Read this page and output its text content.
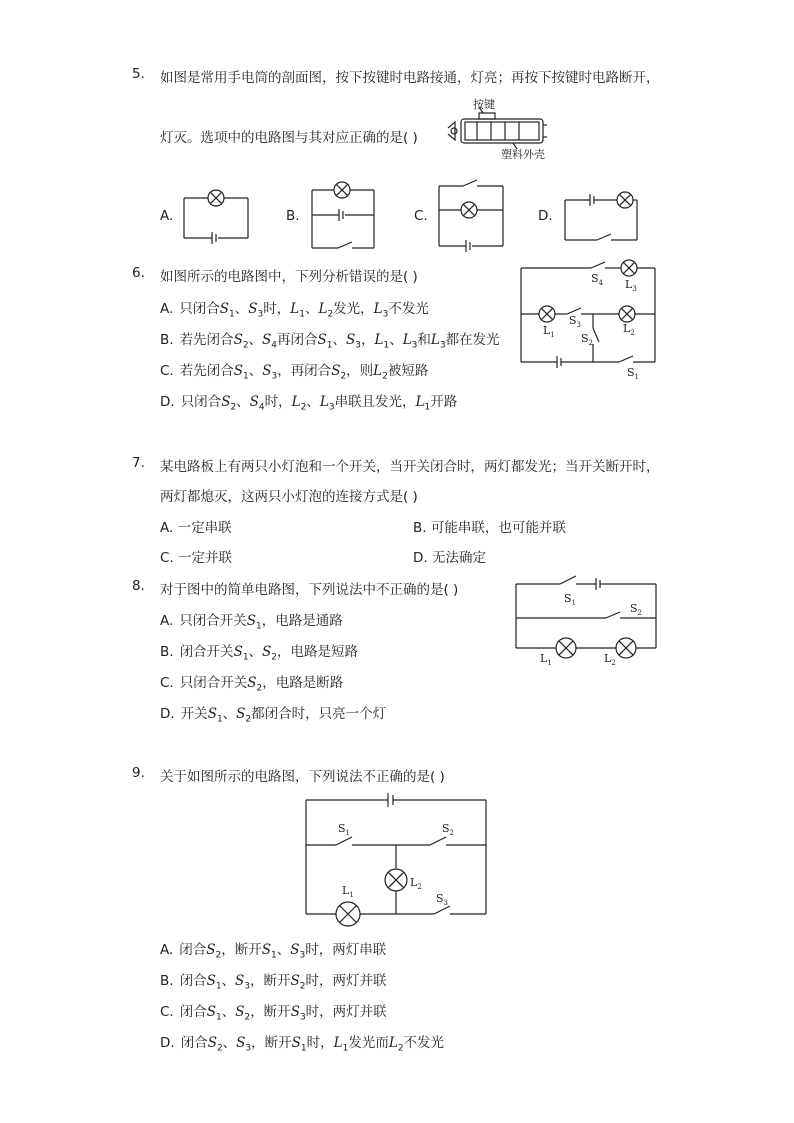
5. 如图是常用手电筒的剖面图，按下按键时电路接通，灯亮；再按下按键时电路断开，
灯灭。选项中的电路图与其对应正确的是( )
按键
塑料外壳
A.	B.	C.	D.
6. 如图所示的电路图中，下列分析错误的是( )
A. 只闭合$S_1$、$S_3$时，$L_1$、$L_2$发光，$L_3$不发光
B. 若先闭合$S_2$、$S_4$再闭合$S_1$、$S_3$，$L_1$、$L_3$和$L_3$都在发光
C. 若先闭合$S_1$、$S_3$，再闭合$S_2$，则$L_2$被短路
D. 只闭合$S_2$、$S_4$时，$L_2$、$L_3$串联且发光，$L_1$开路
$S_4$ $L_3$
$L_1$
$S_3$	$L_2$
$S_2$
$S_1$
7. 某电路板上有两只小灯泡和一个开关，当开关闭合时，两灯都发光；当开关断开时，
两灯都熄灭，这两只小灯泡的连接方式是( )
A. 一定串联	B. 可能串联，也可能并联
C. 一定并联	D. 无法确定
8. 对于图中的简单电路图，下列说法中不正确的是( )
A. 只闭合开关$S_1$，电路是通路
B. 闭合开关$S_1$、$S_2$，电路是短路
C. 只闭合开关$S_2$，电路是断路
D. 开关$S_1$、$S_2$都闭合时，只亮一个灯
$S_1$	$S_2$
$L_1$	$L_2$
9. 关于如图所示的电路图，下列说法不正确的是( )
$S_1$	$S_2$
$L_2$
$L_1$	$S_3$
A. 闭合$S_2$，断开$S_1$、$S_3$时，两灯串联
B. 闭合$S_1$、$S_3$，断开$S_2$时，两灯并联
C. 闭合$S_1$、$S_2$，断开$S_3$时，两灯并联
D. 闭合$S_2$、$S_3$，断开$S_1$时，$L_1$发光而$L_2$不发光
